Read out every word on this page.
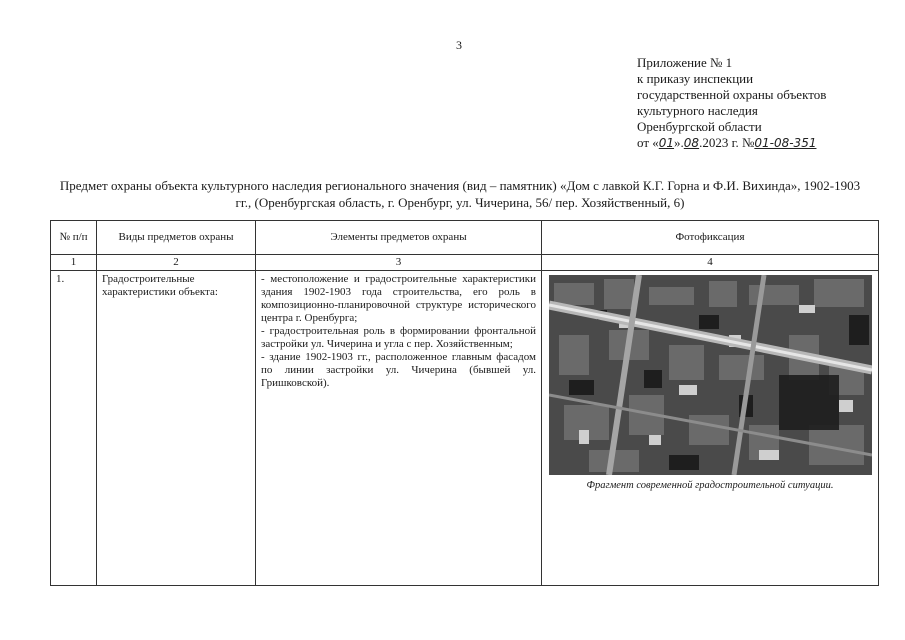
3
Приложение № 1
к приказу инспекции
государственной охраны объектов
культурного наследия
Оренбургской области
от «01».08.2023 г. №01-08-351
Предмет охраны объекта культурного наследия регионального значения (вид – памятник) «Дом с лавкой К.Г. Горна и Ф.И. Вихинда», 1902-1903 гг., (Оренбургская область, г. Оренбург, ул. Чичерина, 56/ пер. Хозяйственный, 6)
№ п/п	Виды предметов охраны	Элементы предметов охраны	Фотофиксация
1	2	3	4
1.	Градостроительные характеристики объекта:	- местоположение и градостроительные характеристики здания 1902-1903 года строительства, его роль в композиционно-планировочной структуре исторического центра г. Оренбурга;
- градостроительная роль в формировании фронтальной застройки ул. Чичерина и угла с пер. Хозяйственным;
- здание 1902-1903 гг., расположенное главным фасадом по линии застройки ул. Чичерина (бывшей ул. Гришковской).	Фрагмент современной градостроительной ситуации.
